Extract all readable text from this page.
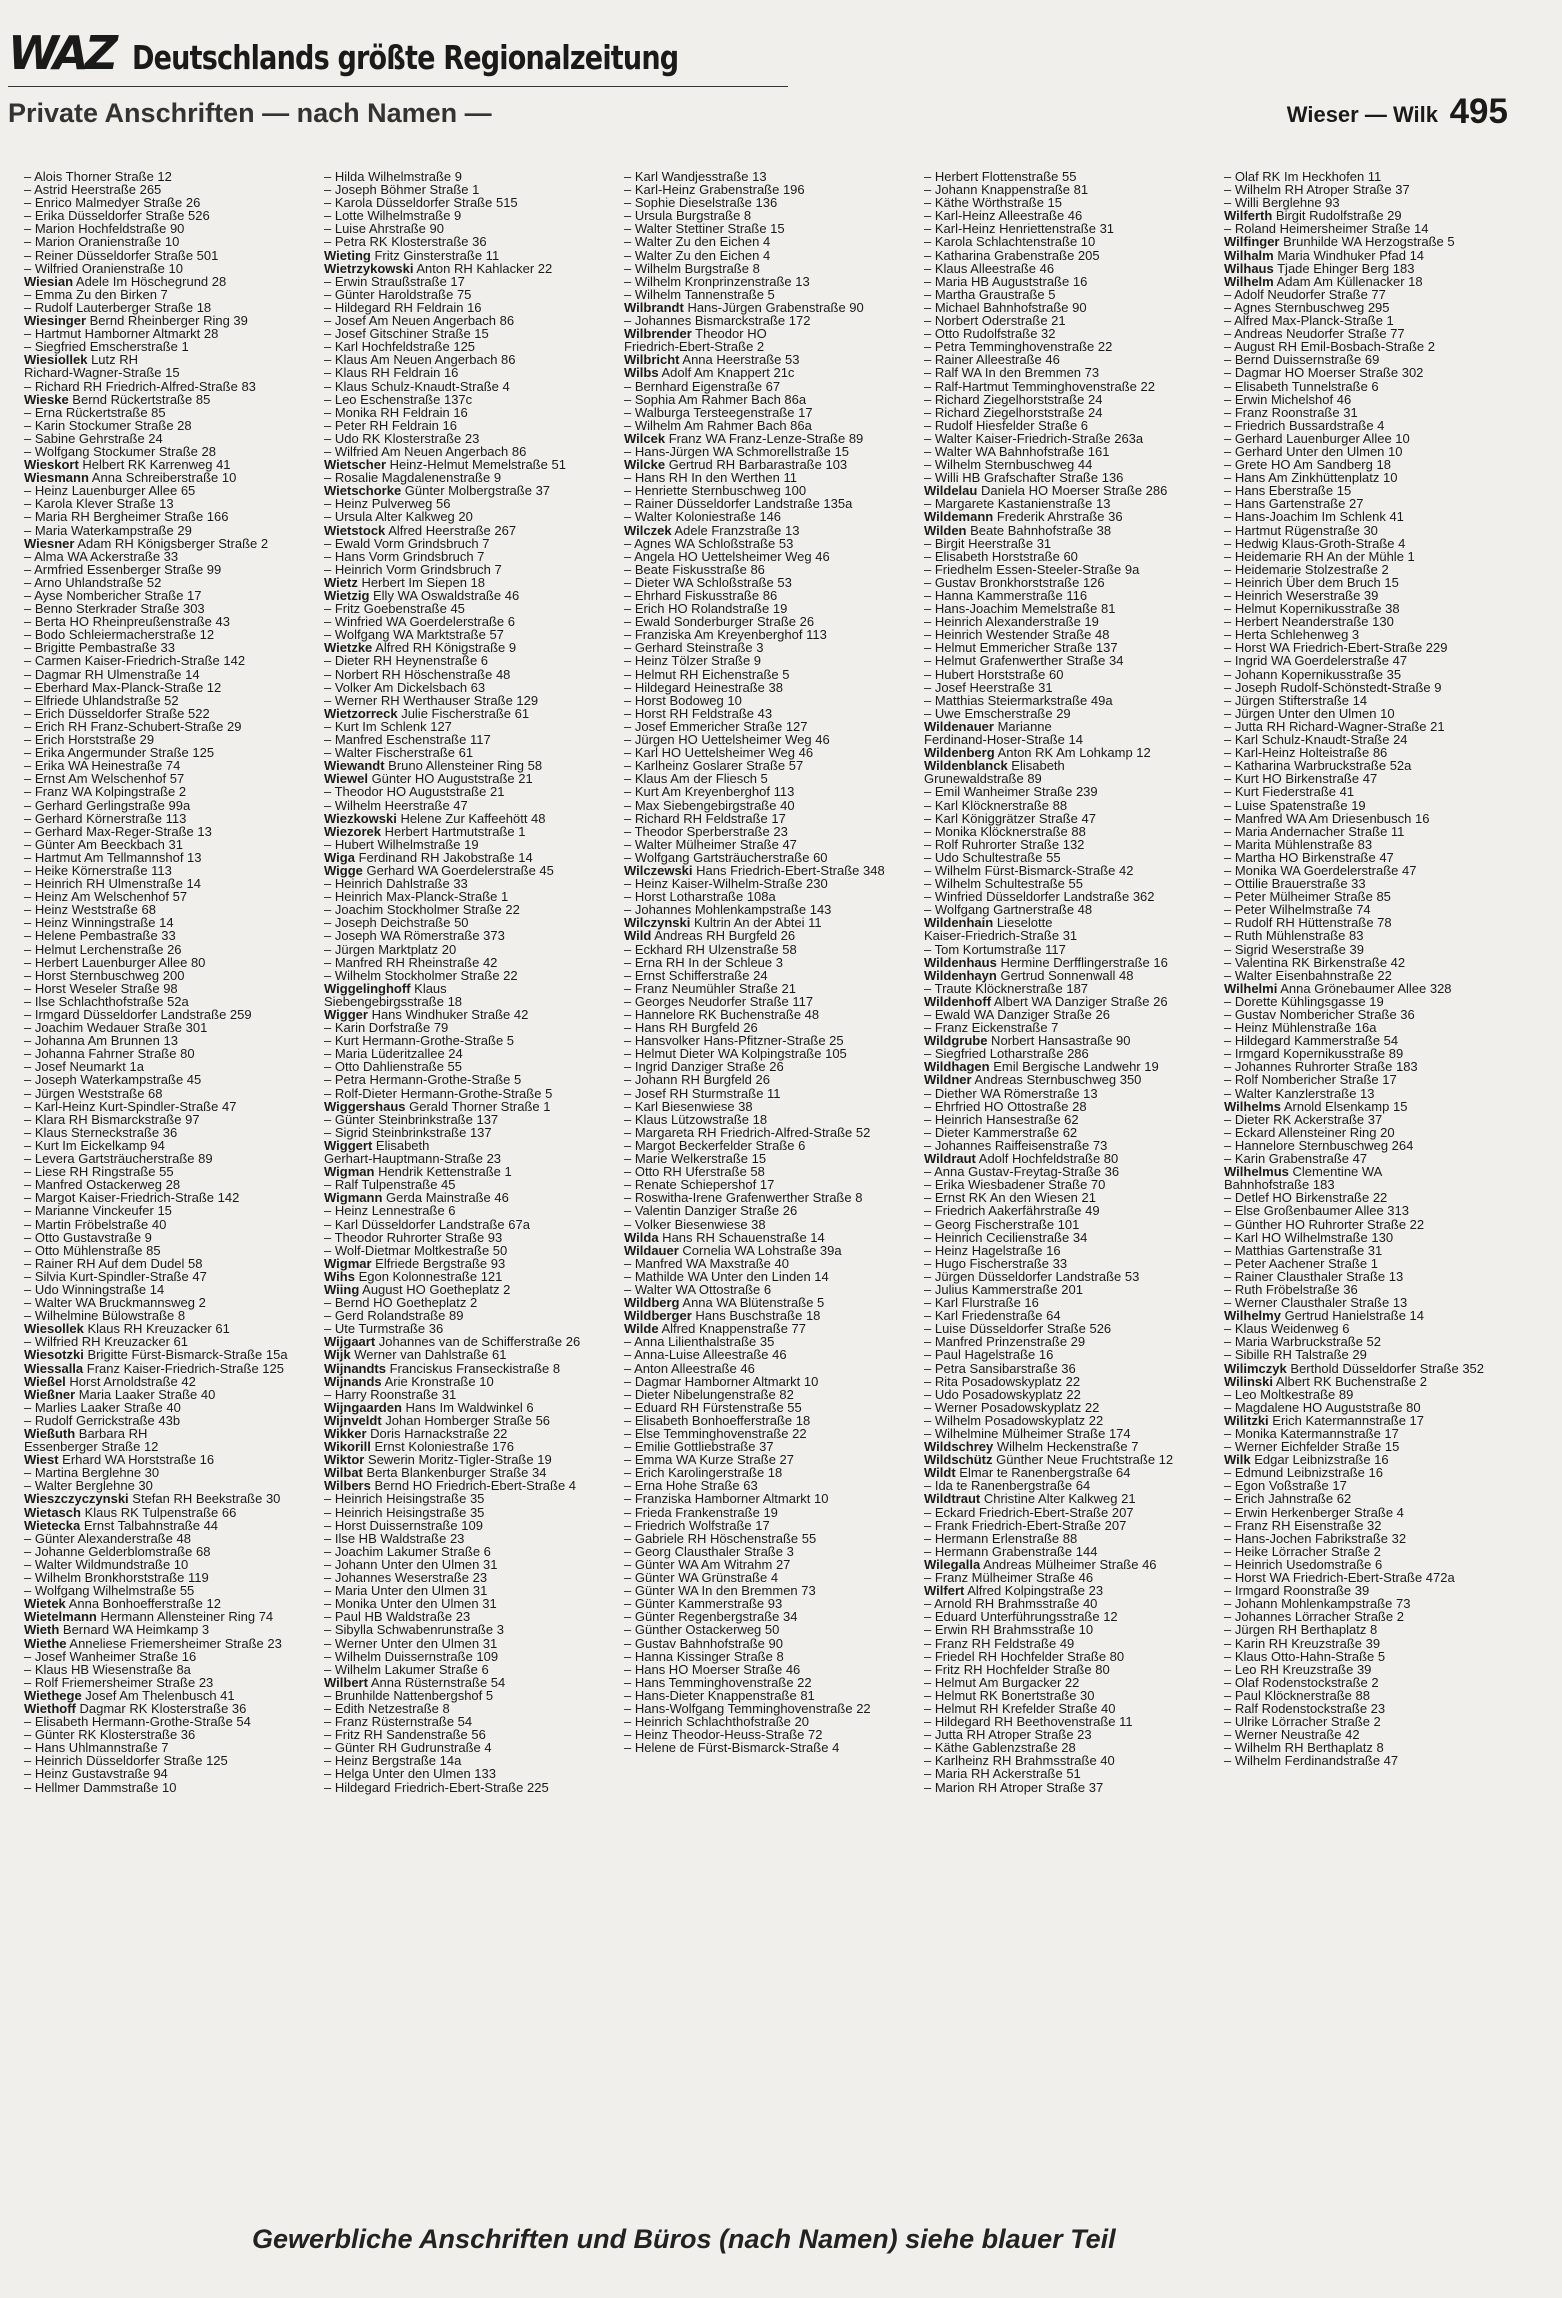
WAZ Deutschlands größte Regionalzeitung
Private Anschriften — nach Namen —	Wieser — Wilk 495
– Alois Thorner Straße 12
– Astrid Heerstraße 265
– Enrico Malmedyer Straße 26
– Erika Düsseldorfer Straße 526
– Marion Hochfeldstraße 90
– Marion Oranienstraße 10
– Reiner Düsseldorfer Straße 501
– Wilfried Oranienstraße 10
Wiesian Adele Im Höschegrund 28
– Emma Zu den Birken 7
– Rudolf Lauterberger Straße 18
Wiesinger Bernd Rheinberger Ring 39
– Hartmut Hamborner Altmarkt 28
– Siegfried Emscherstraße 1
Wiesiollek Lutz RH
Richard-Wagner-Straße 15
– Richard RH Friedrich-Alfred-Straße 83
Wieske Bernd Rückertstraße 85
– Erna Rückertstraße 85
– Karin Stockumer Straße 28
– Sabine Gehrstraße 24
– Wolfgang Stockumer Straße 28
Wieskort Helbert RK Karrenweg 41
Wiesmann Anna Schreiberstraße 10
– Heinz Lauenburger Allee 65
– Karola Klever Straße 13
– Maria RH Bergheimer Straße 166
– Maria Waterkampstraße 29
Wiesner Adam RH Königsberger Straße 2
– Alma WA Ackerstraße 33
– Armfried Essenberger Straße 99
– Arno Uhlandstraße 52
– Ayse Nombericher Straße 17
– Benno Sterkrader Straße 303
– Berta HO Rheinpreußenstraße 43
– Bodo Schleiermacherstraße 12
– Brigitte Pembastraße 33
– Carmen Kaiser-Friedrich-Straße 142
– Dagmar RH Ulmenstraße 14
– Eberhard Max-Planck-Straße 12
– Elfriede Uhlandstraße 52
– Erich Düsseldorfer Straße 522
– Erich RH Franz-Schubert-Straße 29
– Erich Horststraße 29
– Erika Angermunder Straße 125
– Erika WA Heinestraße 74
– Ernst Am Welschenhof 57
– Franz WA Kolpingstraße 2
– Gerhard Gerlingstraße 99a
– Gerhard Körnerstraße 113
– Gerhard Max-Reger-Straße 13
– Günter Am Beeckbach 31
– Hartmut Am Tellmannshof 13
– Heike Körnerstraße 113
– Heinrich RH Ulmenstraße 14
– Heinz Am Welschenhof 57
– Heinz Weststraße 68
– Heinz Winningstraße 14
– Helene Pembastraße 33
– Helmut Lerchenstraße 26
– Herbert Lauenburger Allee 80
– Horst Sternbuschweg 200
– Horst Weseler Straße 98
– Ilse Schlachthofstraße 52a
– Irmgard Düsseldorfer Landstraße 259
– Joachim Wedauer Straße 301
– Johanna Am Brunnen 13
– Johanna Fahrner Straße 80
– Josef Neumarkt 1a
– Joseph Waterkampstraße 45
– Jürgen Weststraße 68
– Karl-Heinz Kurt-Spindler-Straße 47
– Klara RH Bismarckstraße 97
– Klaus Sterneckstraße 36
– Kurt Im Eickelkamp 94
– Levera Gartsträucherstraße 89
– Liese RH Ringstraße 55
– Manfred Ostackerweg 28
– Margot Kaiser-Friedrich-Straße 142
– Marianne Vinckeufer 15
– Martin Fröbelstraße 40
– Otto Gustavstraße 9
– Otto Mühlenstraße 85
– Rainer RH Auf dem Dudel 58
– Silvia Kurt-Spindler-Straße 47
– Udo Winningstraße 14
– Walter WA Bruckmannsweg 2
– Wilhelmine Bülowstraße 8
Wiesollek Klaus RH Kreuzacker 61
– Wilfried RH Kreuzacker 61
Wiesotzki Brigitte Fürst-Bismarck-Straße 15a
Wiessalla Franz Kaiser-Friedrich-Straße 125
Wießel Horst Arnoldstraße 42
Wießner Maria Laaker Straße 40
– Marlies Laaker Straße 40
– Rudolf Gerrickstraße 43b
Wießuth Barbara RH
Essenberger Straße 12
Wiest Erhard WA Horststraße 16
– Martina Berglehne 30
– Walter Berglehne 30
Wieszczyczynski Stefan RH Beekstraße 30
Wietasch Klaus RK Tulpenstraße 66
Wietecka Ernst Talbahnstraße 44
– Günter Alexanderstraße 48
– Johanne Gelderblomstraße 68
– Walter Wildmundstraße 10
– Wilhelm Bronkhorststraße 119
– Wolfgang Wilhelmstraße 55
Wietek Anna Bonhoefferstraße 12
Wietelmann Hermann Allensteiner Ring 74
Wieth Bernard WA Heimkamp 3
Wiethe Anneliese Friemersheimer Straße 23
– Josef Wanheimer Straße 16
– Klaus HB Wiesenstraße 8a
– Rolf Friemersheimer Straße 23
Wiethege Josef Am Thelenbusch 41
Wiethoff Dagmar RK Klosterstraße 36
– Elisabeth Hermann-Grothe-Straße 54
– Günter RK Klosterstraße 36
– Hans Uhlmannstraße 7
– Heinrich Düsseldorfer Straße 125
– Heinz Gustavstraße 94
– Hellmer Dammstraße 10
– Hilda Wilhelmstraße 9
– Joseph Böhmer Straße 1
– Karola Düsseldorfer Straße 515
– Lotte Wilhelmstraße 9
– Luise Ahrstraße 90
– Petra RK Klosterstraße 36
Wieting Fritz Ginsterstraße 11
Wietrzykowski Anton RH Kahlacker 22
– Erwin Straußstraße 17
– Günter Haroldstraße 75
– Hildegard RH Feldrain 16
– Josef Am Neuen Angerbach 86
– Josef Gitschiner Straße 15
– Karl Hochfeldstraße 125
– Klaus Am Neuen Angerbach 86
– Klaus RH Feldrain 16
– Klaus Schulz-Knaudt-Straße 4
– Leo Eschenstraße 137c
– Monika RH Feldrain 16
– Peter RH Feldrain 16
– Udo RK Klosterstraße 23
– Wilfried Am Neuen Angerbach 86
Wietscher Heinz-Helmut Memelstraße 51
– Rosalie Magdalenenstraße 9
Wietschorke Günter Molbergstraße 37
– Heinz Pulverweg 56
– Ursula Alter Kalkweg 20
Wietstock Alfred Heerstraße 267
– Ewald Vorm Grindsbruch 7
– Hans Vorm Grindsbruch 7
– Heinrich Vorm Grindsbruch 7
Wietz Herbert Im Siepen 18
Wietzig Elly WA Oswaldstraße 46
– Fritz Goebenstraße 45
– Winfried WA Goerdelerstraße 6
– Wolfgang WA Marktstraße 57
Wietzke Alfred RH Königstraße 9
– Dieter RH Heynenstraße 6
– Norbert RH Höschenstraße 48
– Volker Am Dickelsbach 63
– Werner RH Werthauser Straße 129
Wietzorreck Julie Fischerstraße 61
– Kurt Im Schlenk 127
– Manfred Eschenstraße 117
– Walter Fischerstraße 61
Wiewandt Bruno Allensteiner Ring 58
Wiewel Günter HO Auguststraße 21
– Theodor HO Auguststraße 21
– Wilhelm Heerstraße 47
Wiezkowski Helene Zur Kaffeehött 48
Wiezorek Herbert Hartmutstraße 1
– Hubert Wilhelmstraße 19
Wiga Ferdinand RH Jakobstraße 14
Wigge Gerhard WA Goerdelerstraße 45
– Heinrich Dahlstraße 33
– Heinrich Max-Planck-Straße 1
– Joachim Stockholmer Straße 22
– Joseph Deichstraße 50
– Joseph WA Römerstraße 373
– Jürgen Marktplatz 20
– Manfred RH Rheinstraße 42
– Wilhelm Stockholmer Straße 22
Wiggelinghoff Klaus
Siebengebirgsstraße 18
Wigger Hans Windhuker Straße 42
– Karin Dorfstraße 79
– Kurt Hermann-Grothe-Straße 5
– Maria Lüderitzallee 24
– Otto Dahlienstraße 55
– Petra Hermann-Grothe-Straße 5
– Rolf-Dieter Hermann-Grothe-Straße 5
Wiggershaus Gerald Thorner Straße 1
– Günter Steinbrinkstraße 137
– Sigrid Steinbrinkstraße 137
Wiggert Elisabeth
Gerhart-Hauptmann-Straße 23
Wigman Hendrik Kettenstraße 1
– Ralf Tulpenstraße 45
Wigmann Gerda Mainstraße 46
– Heinz Lennestraße 6
– Karl Düsseldorfer Landstraße 67a
– Theodor Ruhrorter Straße 93
– Wolf-Dietmar Moltkestraße 50
Wigmar Elfriede Bergstraße 93
Wihs Egon Kolonnestraße 121
Wiing August HO Goetheplatz 2
– Bernd HO Goetheplatz 2
– Gerd Rolandstraße 89
– Ute Turmstraße 36
Wijgaart Johannes van de Schifferstraße 26
Wijk Werner van Dahlstraße 61
Wijnandts Franciskus Franseckistraße 8
Wijnands Arie Kronstraße 10
– Harry Roonstraße 31
Wijngaarden Hans Im Waldwinkel 6
Wijnveldt Johan Homberger Straße 56
Wikker Doris Harnackstraße 22
Wikorill Ernst Koloniestraße 176
Wiktor Sewerin Moritz-Tigler-Straße 19
Wilbat Berta Blankenburger Straße 34
Wilbers Bernd HO Friedrich-Ebert-Straße 4
– Heinrich Heisingstraße 35
– Heinrich Heisingstraße 35
– Horst Duissernstraße 109
– Ilse HB Waldstraße 23
– Joachim Lakumer Straße 6
– Johann Unter den Ulmen 31
– Johannes Weserstraße 23
– Maria Unter den Ulmen 31
– Monika Unter den Ulmen 31
– Paul HB Waldstraße 23
– Sibylla Schwabenrunstraße 3
– Werner Unter den Ulmen 31
– Wilhelm Duissernstraße 109
– Wilhelm Lakumer Straße 6
Wilbert Anna Rüsternstraße 54
– Brunhilde Nattenbergshof 5
– Edith Netzestraße 8
– Franz Rüsternstraße 54
– Fritz RH Sandenstraße 56
– Günter RH Gudrunstraße 4
– Heinz Bergstraße 14a
– Helga Unter den Ulmen 133
– Hildegard Friedrich-Ebert-Straße 225
– Karl Wandjesstraße 13
– Karl-Heinz Grabenstraße 196
– Sophie Dieselstraße 136
– Ursula Burgstraße 8
– Walter Stettiner Straße 15
– Walter Zu den Eichen 4
– Walter Zu den Eichen 4
– Wilhelm Burgstraße 8
– Wilhelm Kronprinzenstraße 13
– Wilhelm Tannenstraße 5
Wilbrandt Hans-Jürgen Grabenstraße 90
– Johannes Bismarckstraße 172
Wilbrender Theodor HO
Friedrich-Ebert-Straße 2
Wilbricht Anna Heerstraße 53
Wilbs Adolf Am Knappert 21c
– Bernhard Eigenstraße 67
– Sophia Am Rahmer Bach 86a
– Walburga Tersteegenstraße 17
– Wilhelm Am Rahmer Bach 86a
Wilcek Franz WA Franz-Lenze-Straße 89
– Hans-Jürgen WA Schmorellstraße 15
Wilcke Gertrud RH Barbarastraße 103
– Hans RH In den Werthen 11
– Henriette Sternbuschweg 100
– Rainer Düsseldorfer Landstraße 135a
– Walter Koloniestraße 146
Wilczek Adele Franzstraße 13
– Agnes WA Schloßstraße 53
– Angela HO Uettelsheimer Weg 46
– Beate Fiskusstraße 86
– Dieter WA Schloßstraße 53
– Ehrhard Fiskusstraße 86
– Erich HO Rolandstraße 19
– Ewald Sonderburger Straße 26
– Franziska Am Kreyenberghof 113
– Gerhard Steinstraße 3
– Heinz Tölzer Straße 9
– Helmut RH Eichenstraße 5
– Hildegard Heinestraße 38
– Horst Bodoweg 10
– Horst RH Feldstraße 43
– Josef Emmericher Straße 127
– Jürgen HO Uettelsheimer Weg 46
– Karl HO Uettelsheimer Weg 46
– Karlheinz Goslarer Straße 57
– Klaus Am der Fliesch 5
– Kurt Am Kreyenberghof 113
– Max Siebengebirgstraße 40
– Richard RH Feldstraße 17
– Theodor Sperberstraße 23
– Walter Mülheimer Straße 47
– Wolfgang Gartsträucherstraße 60
Wilczewski Hans Friedrich-Ebert-Straße 348
– Heinz Kaiser-Wilhelm-Straße 230
– Horst Lotharstraße 108a
– Johannes Mohlenkampstraße 143
Wilczynski Kultrin An der Abtei 11
Wild Andreas RH Burgfeld 26
– Eckhard RH Ulzenstraße 58
– Erna RH In der Schleue 3
– Ernst Schifferstraße 24
– Franz Neumühler Straße 21
– Georges Neudorfer Straße 117
– Hannelore RK Buchenstraße 48
– Hans RH Burgfeld 26
– Hansvolker Hans-Pfitzner-Straße 25
– Helmut Dieter WA Kolpingstraße 105
– Ingrid Danziger Straße 26
– Johann RH Burgfeld 26
– Josef RH Sturmstraße 11
– Karl Biesenwiese 38
– Klaus Lützowstraße 18
– Margareta RH Friedrich-Alfred-Straße 52
– Margot Beckerfelder Straße 6
– Marie Welkerstraße 15
– Otto RH Uferstraße 58
– Renate Schiepershof 17
– Roswitha-Irene Grafenwerther Straße 8
– Valentin Danziger Straße 26
– Volker Biesenwiese 38
Wilda Hans RH Schauenstraße 14
Wildauer Cornelia WA Lohstraße 39a
– Manfred WA Maxstraße 40
– Mathilde WA Unter den Linden 14
– Walter WA Ottostraße 6
Wildberg Anna WA Blütenstraße 5
Wildberger Hans Buschstraße 18
Wilde Alfred Knappenstraße 77
– Anna Lilienthalstraße 35
– Anna-Luise Alleestraße 46
– Anton Alleestraße 46
– Dagmar Hamborner Altmarkt 10
– Dieter Nibelungenstraße 82
– Eduard RH Fürstenstraße 55
– Elisabeth Bonhoefferstraße 18
– Else Temminghovenstraße 22
– Emilie Gottliebstraße 37
– Emma WA Kurze Straße 27
– Erich Karolingerstraße 18
– Erna Hohe Straße 63
– Franziska Hamborner Altmarkt 10
– Frieda Frankenstraße 19
– Friedrich Wolfstraße 17
– Gabriele RH Höschenstraße 55
– Georg Clausthaler Straße 3
– Günter WA Am Witrahm 27
– Günter WA Grünstraße 4
– Günter WA In den Bremmen 73
– Günter Kammerstraße 93
– Günter Regenbergstraße 34
– Günther Ostackerweg 50
– Gustav Bahnhofstraße 90
– Hanna Kissinger Straße 8
– Hans HO Moerser Straße 46
– Hans Temminghovenstraße 22
– Hans-Dieter Knappenstraße 81
– Hans-Wolfgang Temminghovenstraße 22
– Heinrich Schlachthofstraße 20
– Heinz Theodor-Heuss-Straße 72
– Helene de Fürst-Bismarck-Straße 4
– Herbert Flottenstraße 55
– Johann Knappenstraße 81
– Käthe Wörthstraße 15
– Karl-Heinz Alleestraße 46
– Karl-Heinz Henriettenstraße 31
– Karola Schlachtenstraße 10
– Katharina Grabenstraße 205
– Klaus Alleestraße 46
– Maria HB Auguststraße 16
– Martha Graustraße 5
– Michael Bahnhofstraße 90
– Norbert Oderstraße 21
– Otto Rudolfstraße 32
– Petra Temminghovenstraße 22
– Rainer Alleestraße 46
– Ralf WA In den Bremmen 73
– Ralf-Hartmut Temminghovenstraße 22
– Richard Ziegelhorststraße 24
– Richard Ziegelhorststraße 24
– Rudolf Hiesfelder Straße 6
– Walter Kaiser-Friedrich-Straße 263a
– Walter WA Bahnhofstraße 161
– Wilhelm Sternbuschweg 44
– Willi HB Grafschafter Straße 136
Wildelau Daniela HO Moerser Straße 286
– Margarete Kastanienstraße 13
Wildemann Frederik Ahrstraße 36
Wilden Beate Bahnhofstraße 38
– Birgit Heerstraße 31
– Elisabeth Horststraße 60
– Friedhelm Essen-Steeler-Straße 9a
– Gustav Bronkhorststraße 126
– Hanna Kammerstraße 116
– Hans-Joachim Memelstraße 81
– Heinrich Alexanderstraße 19
– Heinrich Westender Straße 48
– Helmut Emmericher Straße 137
– Helmut Grafenwerther Straße 34
– Hubert Horststraße 60
– Josef Heerstraße 31
– Matthias Steiermarkstraße 49a
– Uwe Emscherstraße 29
Wildenauer Marianne
Ferdinand-Hoser-Straße 14
Wildenberg Anton RK Am Lohkamp 12
Wildenblanck Elisabeth
Grunewaldstraße 89
– Emil Wanheimer Straße 239
– Karl Klöcknerstraße 88
– Karl Königgrätzer Straße 47
– Monika Klöcknerstraße 88
– Rolf Ruhrorter Straße 132
– Udo Schultestraße 55
– Wilhelm Fürst-Bismarck-Straße 42
– Wilhelm Schultestraße 55
– Winfried Düsseldorfer Landstraße 362
– Wolfgang Gartnerstraße 48
Wildenhain Lieselotte
Kaiser-Friedrich-Straße 31
– Tom Kortumstraße 117
Wildenhaus Hermine Derfflingerstraße 16
Wildenhayn Gertrud Sonnenwall 48
– Traute Klöcknerstraße 187
Wildenhoff Albert WA Danziger Straße 26
– Ewald WA Danziger Straße 26
– Franz Eickenstraße 7
Wildgrube Norbert Hansastraße 90
– Siegfried Lotharstraße 286
Wildhagen Emil Bergische Landwehr 19
Wildner Andreas Sternbuschweg 350
– Diether WA Römerstraße 13
– Ehrfried HO Ottostraße 28
– Heinrich Hansestraße 62
– Dieter Kammerstraße 62
– Johannes Raiffeisenstraße 73
Wildraut Adolf Hochfeldstraße 80
– Anna Gustav-Freytag-Straße 36
– Erika Wiesbadener Straße 70
– Ernst RK An den Wiesen 21
– Friedrich Aakerfährstraße 49
– Georg Fischerstraße 101
– Heinrich Cecilienstraße 34
– Heinz Hagelstraße 16
– Hugo Fischerstraße 33
– Jürgen Düsseldorfer Landstraße 53
– Julius Kammerstraße 201
– Karl Flurstraße 16
– Karl Friedenstraße 64
– Luise Düsseldorfer Straße 526
– Manfred Prinzenstraße 29
– Paul Hagelstraße 16
– Petra Sansibarstraße 36
– Rita Posadowskyplatz 22
– Udo Posadowskyplatz 22
– Werner Posadowskyplatz 22
– Wilhelm Posadowskyplatz 22
– Wilhelmine Mülheimer Straße 174
Wildschrey Wilhelm Heckenstraße 7
Wildschütz Günther Neue Fruchtstraße 12
Wildt Elmar te Ranenbergstraße 64
– Ida te Ranenbergstraße 64
Wildtraut Christine Alter Kalkweg 21
– Eckard Friedrich-Ebert-Straße 207
– Frank Friedrich-Ebert-Straße 207
– Hermann Erlenstraße 88
– Hermann Grabenstraße 144
Wilegalla Andreas Mülheimer Straße 46
– Franz Mülheimer Straße 46
Wilfert Alfred Kolpingstraße 23
– Arnold RH Brahmsstraße 40
– Eduard Unterführungsstraße 12
– Erwin RH Brahmsstraße 10
– Franz RH Feldstraße 49
– Friedel RH Hochfelder Straße 80
– Fritz RH Hochfelder Straße 80
– Helmut Am Burgacker 22
– Helmut RK Bonertstraße 30
– Helmut RH Krefelder Straße 40
– Hildegard RH Beethovenstraße 11
– Jutta RH Atroper Straße 23
– Käthe Gablenzstraße 28
– Karlheinz RH Brahmsstraße 40
– Maria RH Ackerstraße 51
– Marion RH Atroper Straße 37
– Olaf RK Im Heckhofen 11
– Wilhelm RH Atroper Straße 37
– Willi Berglehne 93
Wilferth Birgit Rudolfstraße 29
– Roland Heimersheimer Straße 14
Wilfinger Brunhilde WA Herzogstraße 5
Wilhalm Maria Windhuker Pfad 14
Wilhaus Tjade Ehinger Berg 183
Wilhelm Adam Am Küllenacker 18
– Adolf Neudorfer Straße 77
– Agnes Sternbuschweg 295
– Alfred Max-Planck-Straße 1
– Andreas Neudorfer Straße 77
– August RH Emil-Bosbach-Straße 2
– Bernd Duissernstraße 69
– Dagmar HO Moerser Straße 302
– Elisabeth Tunnelstraße 6
– Erwin Michelshof 46
– Franz Roonstraße 31
– Friedrich Bussardstraße 4
– Gerhard Lauenburger Allee 10
– Gerhard Unter den Ulmen 10
– Grete HO Am Sandberg 18
– Hans Am Zinkhüttenplatz 10
– Hans Eberstraße 15
– Hans Gartenstraße 27
– Hans-Joachim Im Schlenk 41
– Hartmut Rügenstraße 30
– Hedwig Klaus-Groth-Straße 4
– Heidemarie RH An der Mühle 1
– Heidemarie Stolzestraße 2
– Heinrich Über dem Bruch 15
– Heinrich Weserstraße 39
– Helmut Kopernikusstraße 38
– Herbert Neanderstraße 130
– Herta Schlehenweg 3
– Horst WA Friedrich-Ebert-Straße 229
– Ingrid WA Goerdelerstraße 47
– Johann Kopernikusstraße 35
– Joseph Rudolf-Schönstedt-Straße 9
– Jürgen Stifterstraße 14
– Jürgen Unter den Ulmen 10
– Jutta RH Richard-Wagner-Straße 21
– Karl Schulz-Knaudt-Straße 24
– Karl-Heinz Holteistraße 86
– Katharina Warbruckstraße 52a
– Kurt HO Birkenstraße 47
– Kurt Fiederstraße 41
– Luise Spatenstraße 19
– Manfred WA Am Driesenbusch 16
– Maria Andernacher Straße 11
– Marita Mühlenstraße 83
– Martha HO Birkenstraße 47
– Monika WA Goerdelerstraße 47
– Ottilie Brauerstraße 33
– Peter Mülheimer Straße 85
– Peter Wilhelmstraße 74
– Rudolf RH Hüttenstraße 78
– Ruth Mühlenstraße 83
– Sigrid Weserstraße 39
– Valentina RK Birkenstraße 42
– Walter Eisenbahnstraße 22
Wilhelmi Anna Grönebaumer Allee 328
– Dorette Kühlingsgasse 19
– Gustav Nombericher Straße 36
– Heinz Mühlenstraße 16a
– Hildegard Kammerstraße 54
– Irmgard Kopernikusstraße 89
– Johannes Ruhrorter Straße 183
– Rolf Nombericher Straße 17
– Walter Kanzlerstraße 13
Wilhelms Arnold Elsenkamp 15
– Dieter RK Ackerstraße 37
– Eckard Allensteiner Ring 20
– Hannelore Sternbuschweg 264
– Karin Grabenstraße 47
Wilhelmus Clementine WA
Bahnhofstraße 183
– Detlef HO Birkenstraße 22
– Else Großenbaumer Allee 313
– Günther HO Ruhrorter Straße 22
– Karl HO Wilhelmstraße 130
– Matthias Gartenstraße 31
– Peter Aachener Straße 1
– Rainer Clausthaler Straße 13
– Ruth Fröbelstraße 36
– Werner Clausthaler Straße 13
Wilhelmy Gertrud Hanielstraße 14
– Klaus Weidenweg 6
– Maria Warbruckstraße 52
– Sibille RH Talstraße 29
Wilimczyk Berthold Düsseldorfer Straße 352
Wilinski Albert RK Buchenstraße 2
– Leo Moltkestraße 89
– Magdalene HO Auguststraße 80
Wilitzki Erich Katermannstraße 17
– Monika Katermannstraße 17
– Werner Eichfelder Straße 15
Wilk Edgar Leibnizstraße 16
– Edmund Leibnizstraße 16
– Egon Voßstraße 17
– Erich Jahnstraße 62
– Erwin Herkenberger Straße 4
– Franz RH Eisenstraße 32
– Hans-Jochen Fabrikstraße 32
– Heike Lörracher Straße 2
– Heinrich Usedomstraße 6
– Horst WA Friedrich-Ebert-Straße 472a
– Irmgard Roonstraße 39
– Johann Mohlenkampstraße 73
– Johannes Lörracher Straße 2
– Jürgen RH Berthaplatz 8
– Karin RH Kreuzstraße 39
– Klaus Otto-Hahn-Straße 5
– Leo RH Kreuzstraße 39
– Olaf Rodenstockstraße 2
– Paul Klöcknerstraße 88
– Ralf Rodenstockstraße 23
– Ulrike Lörracher Straße 2
– Werner Neustraße 42
– Wilhelm RH Berthaplatz 8
– Wilhelm Ferdinandstraße 47
Gewerbliche Anschriften und Büros (nach Namen) siehe blauer Teil
